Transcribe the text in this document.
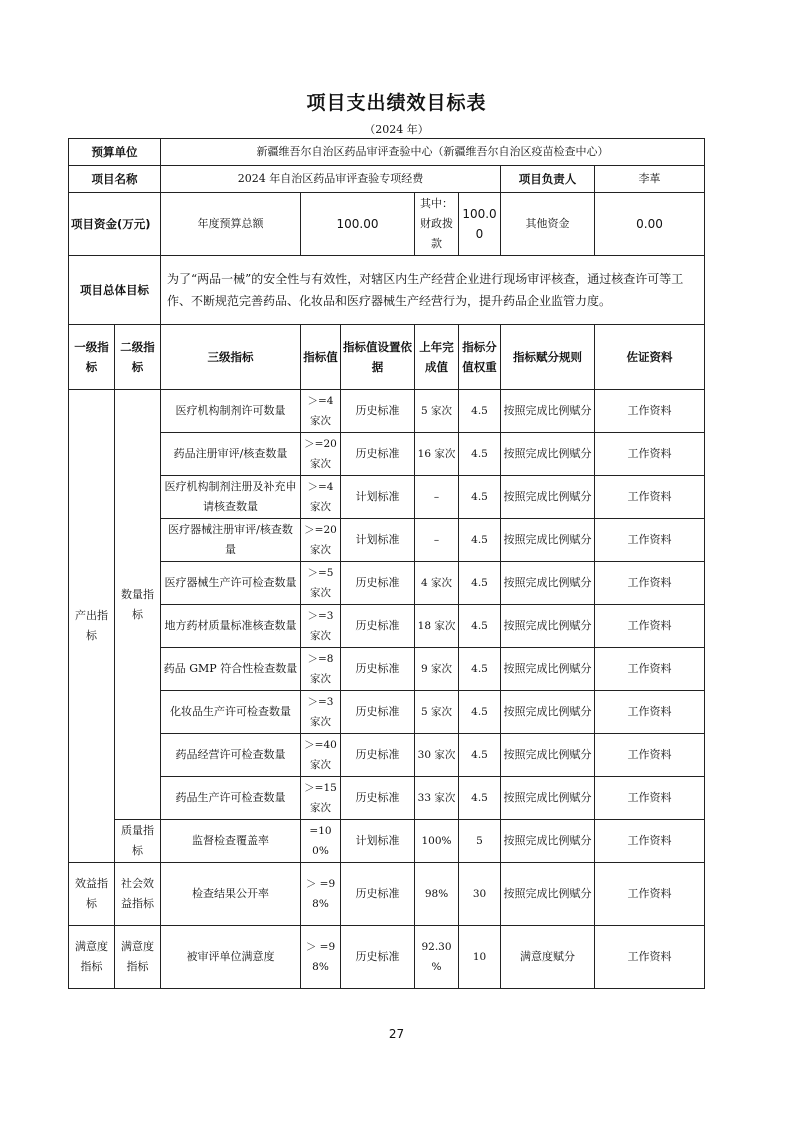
项目支出绩效目标表
（2024 年）
预算单位		新疆维吾尔自治区药品审评查验中心（新疆维吾尔自治区疫苗检查中心）						
项目名称		2024 年自治区药品审评查验专项经费					项目负责人	李革
项目资金(万元)		年度预算总额	100.00		其中：财政拨款	100.00	其他资金	0.00
项目总体目标		为了“两品一械”的安全性与有效性，对辖区内生产经营企业进行现场审评核查，通过核查许可等工作、不断规范完善药品、化妆品和医疗器械生产经营行为，提升药品企业监管力度。						
一级指标	二级指标	三级指标	指标值	指标值设置依据	上年完成值	指标分值权重	指标赋分规则	佐证资料
产出指标	数量指标	医疗机构制剂许可数量	＞=4 家次	历史标准	5 家次	4.5	按照完成比例赋分	工作资料
		药品注册审评/核查数量	＞=20 家次	历史标准	16 家次	4.5	按照完成比例赋分	工作资料
		医疗机构制剂注册及补充申请核查数量	＞=4 家次	计划标准	–	4.5	按照完成比例赋分	工作资料
		医疗器械注册审评/核查数量	＞=20 家次	计划标准	–	4.5	按照完成比例赋分	工作资料
		医疗器械生产许可检查数量	＞=5 家次	历史标准	4 家次	4.5	按照完成比例赋分	工作资料
		地方药材质量标准核查数量	＞=3 家次	历史标准	18 家次	4.5	按照完成比例赋分	工作资料
		药品 GMP 符合性检查数量	＞=8 家次	历史标准	9 家次	4.5	按照完成比例赋分	工作资料
		化妆品生产许可检查数量	＞=3 家次	历史标准	5 家次	4.5	按照完成比例赋分	工作资料
		药品经营许可检查数量	＞=40 家次	历史标准	30 家次	4.5	按照完成比例赋分	工作资料
		药品生产许可检查数量	＞=15 家次	历史标准	33 家次	4.5	按照完成比例赋分	工作资料
	质量指标	监督检查覆盖率	=100%	计划标准	100%	5	按照完成比例赋分	工作资料
效益指标	社会效益指标	检查结果公开率	＞ =98%	历史标准	98%	30	按照完成比例赋分	工作资料
满意度指标	满意度指标	被审评单位满意度	＞ =98%	历史标准	92.30 %	10	满意度赋分	工作资料
27
